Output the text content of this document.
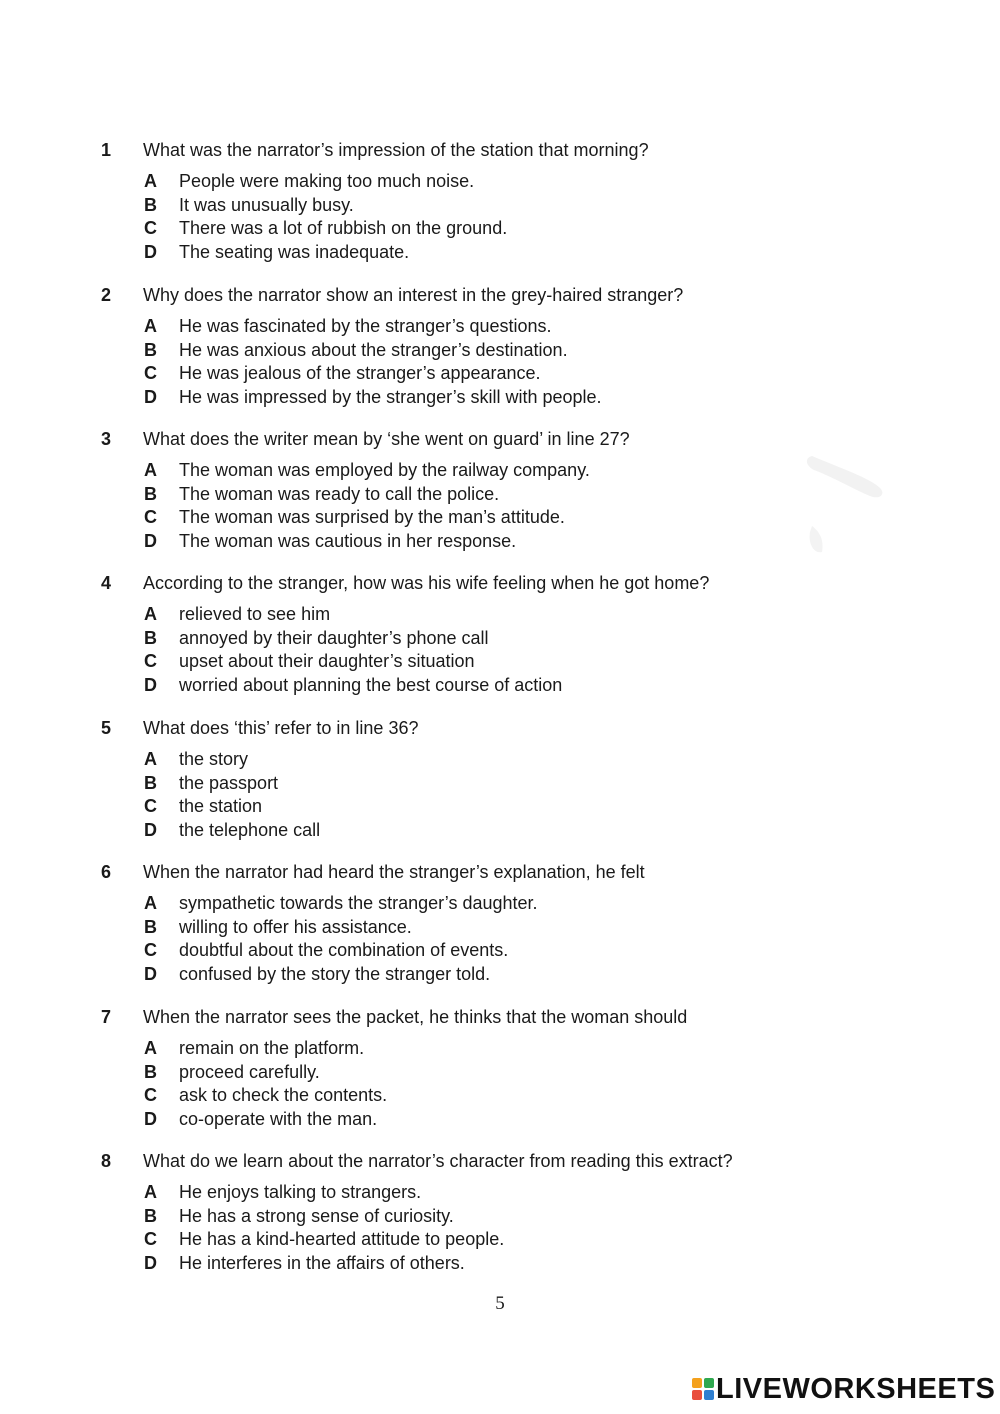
1 What was the narrator’s impression of the station that morning?
A People were making too much noise.
B It was unusually busy.
C There was a lot of rubbish on the ground.
D The seating was inadequate.
2 Why does the narrator show an interest in the grey-haired stranger?
A He was fascinated by the stranger’s questions.
B He was anxious about the stranger’s destination.
C He was jealous of the stranger’s appearance.
D He was impressed by the stranger’s skill with people.
3 What does the writer mean by ‘she went on guard’ in line 27?
A The woman was employed by the railway company.
B The woman was ready to call the police.
C The woman was surprised by the man’s attitude.
D The woman was cautious in her response.
4 According to the stranger, how was his wife feeling when he got home?
A relieved to see him
B annoyed by their daughter’s phone call
C upset about their daughter’s situation
D worried about planning the best course of action
5 What does ‘this’ refer to in line 36?
A the story
B the passport
C the station
D the telephone call
6 When the narrator had heard the stranger’s explanation, he felt
A sympathetic towards the stranger’s daughter.
B willing to offer his assistance.
C doubtful about the combination of events.
D confused by the story the stranger told.
7 When the narrator sees the packet, he thinks that the woman should
A remain on the platform.
B proceed carefully.
C ask to check the contents.
D co-operate with the man.
8 What do we learn about the narrator’s character from reading this extract?
A He enjoys talking to strangers.
B He has a strong sense of curiosity.
C He has a kind-hearted attitude to people.
D He interferes in the affairs of others.
5
LIVEWORKSHEETS
